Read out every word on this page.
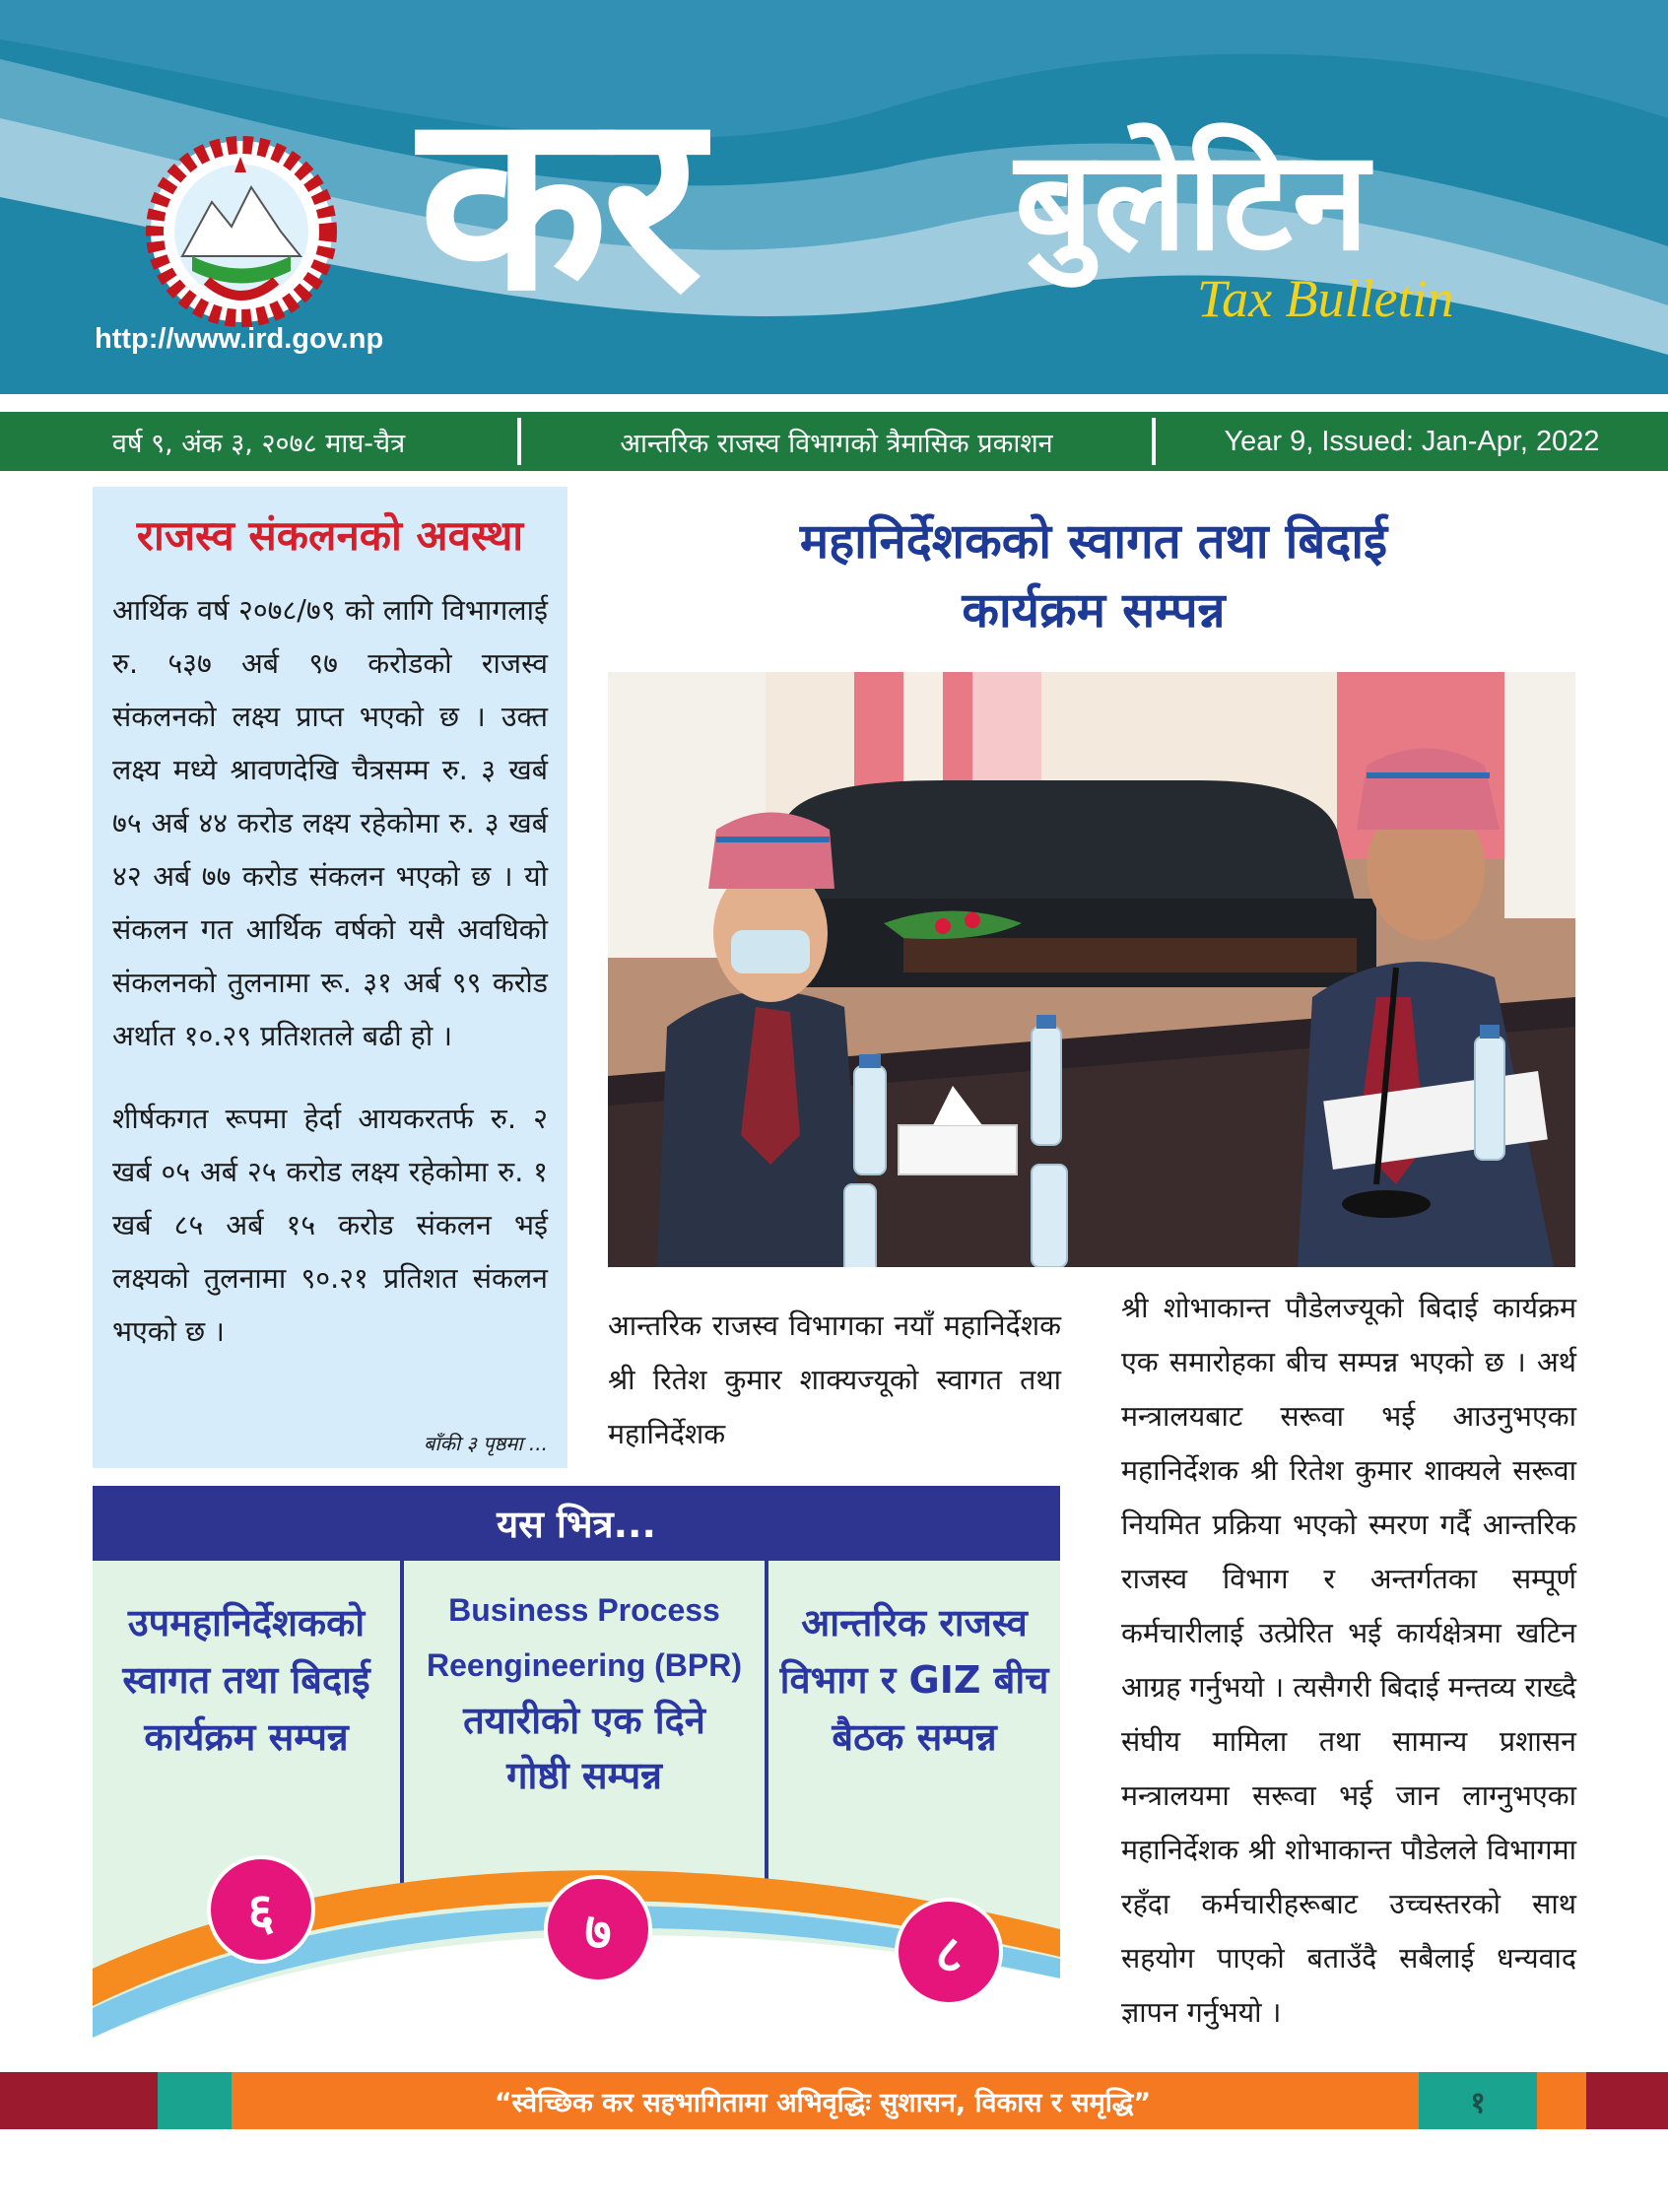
http://www.ird.gov.np कर बुलेटिन
Tax Bulletin
वर्ष ९, अंक ३, २०७८ माघ-चैत्र	आन्तरिक राजस्व विभागको त्रैमासिक प्रकाशन	Year 9, Issued: Jan-Apr, 2022
राजस्व संकलनको अवस्था

आर्थिक वर्ष २०७८/७९ को लागि विभागलाई रु. ५३७ अर्ब ९७ करोडको राजस्व संकलनको लक्ष्य प्राप्त भएको छ । उक्त लक्ष्य मध्ये श्रावणदेखि चैत्रसम्म रु. ३ खर्ब ७५ अर्ब ४४ करोड लक्ष्य रहेकोमा रु. ३ खर्ब ४२ अर्ब ७७ करोड संकलन भएको छ । यो संकलन गत आर्थिक वर्षको यसै अवधिको संकलनको तुलनामा रू. ३१ अर्ब ९९ करोड अर्थात १०.२९ प्रतिशतले बढी हो ।

शीर्षकगत रूपमा हेर्दा आयकरतर्फ रु. २ खर्ब ०५ अर्ब २५ करोड लक्ष्य रहेकोमा रु. १ खर्ब ८५ अर्ब १५ करोड संकलन भई लक्ष्यको तुलनामा ९०.२१ प्रतिशत संकलन भएको छ ।

बाँकी ३ पृष्ठमा ...
महानिर्देशकको स्वागत तथा बिदाई
कार्यक्रम सम्पन्न
आन्तरिक राजस्व विभागका नयाँ महानिर्देशक श्री रितेश कुमार शाक्यज्यूको स्वागत तथा महानिर्देशक
श्री शोभाकान्त पौडेलज्यूको बिदाई कार्यक्रम एक समारोहका बीच सम्पन्न भएको छ । अर्थ मन्त्रालयबाट सरूवा भई आउनुभएका महानिर्देशक श्री रितेश कुमार शाक्यले सरूवा नियमित प्रक्रिया भएको स्मरण गर्दै आन्तरिक राजस्व विभाग र अन्तर्गतका सम्पूर्ण कर्मचारीलाई उत्प्रेरित भई कार्यक्षेत्रमा खटिन आग्रह गर्नुभयो । त्यसैगरी बिदाई मन्तव्य राख्दै संघीय मामिला तथा सामान्य प्रशासन मन्त्रालयमा सरूवा भई जान लाग्नुभएका महानिर्देशक श्री शोभाकान्त पौडेलले विभागमा रहँदा कर्मचारीहरूबाट उच्चस्तरको साथ सहयोग पाएको बताउँदै सबैलाई धन्यवाद ज्ञापन गर्नुभयो ।
यस भित्र...
उपमहानिर्देशकको
स्वागत तथा बिदाई
कार्यक्रम सम्पन्न
Business Process
Reengineering (BPR)
तयारीको एक दिने
गोष्ठी सम्पन्न
आन्तरिक राजस्व
विभाग र GIZ बीच
बैठक सम्पन्न
६	७	८
“स्वेच्छिक कर सहभागितामा अभिवृद्धिः सुशासन, विकास र समृद्धि”	१
